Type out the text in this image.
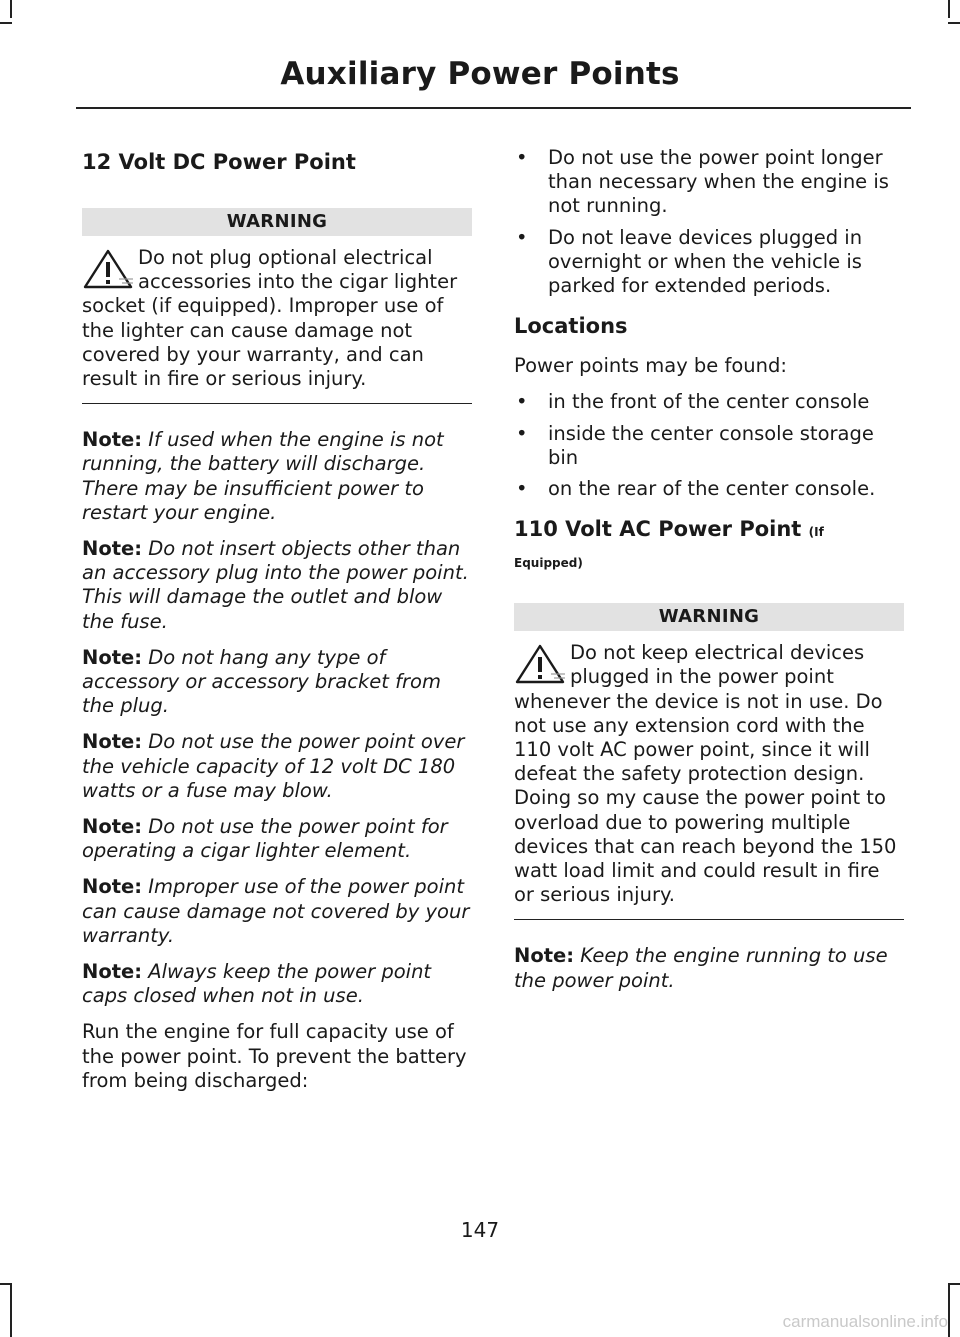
Auxiliary Power Points
12 Volt DC Power Point
WARNING

Do not plug optional electrical accessories into the cigar lighter socket (if equipped). Improper use of the lighter can cause damage not covered by your warranty, and can result in fire or serious injury.

Note: If used when the engine is not running, the battery will discharge. There may be insufficient power to restart your engine.

Note: Do not insert objects other than an accessory plug into the power point. This will damage the outlet and blow the fuse.

Note: Do not hang any type of accessory or accessory bracket from the plug.

Note: Do not use the power point over the vehicle capacity of 12 volt DC 180 watts or a fuse may blow.

Note: Do not use the power point for operating a cigar lighter element.

Note: Improper use of the power point can cause damage not covered by your warranty.

Note: Always keep the power point caps closed when not in use.

Run the engine for full capacity use of the power point. To prevent the battery from being discharged:

• Do not use the power point longer than necessary when the engine is not running.
• Do not leave devices plugged in overnight or when the vehicle is parked for extended periods.
Locations

Power points may be found:

• in the front of the center console
• inside the center console storage bin
• on the rear of the center console.
110 Volt AC Power Point (If
Equipped)
WARNING

Do not keep electrical devices plugged in the power point whenever the device is not in use. Do not use any extension cord with the 110 volt AC power point, since it will defeat the safety protection design. Doing so my cause the power point to overload due to powering multiple devices that can reach beyond the 150 watt load limit and could result in fire or serious injury.

Note: Keep the engine running to use the power point.

147
carmanualsonline.info
